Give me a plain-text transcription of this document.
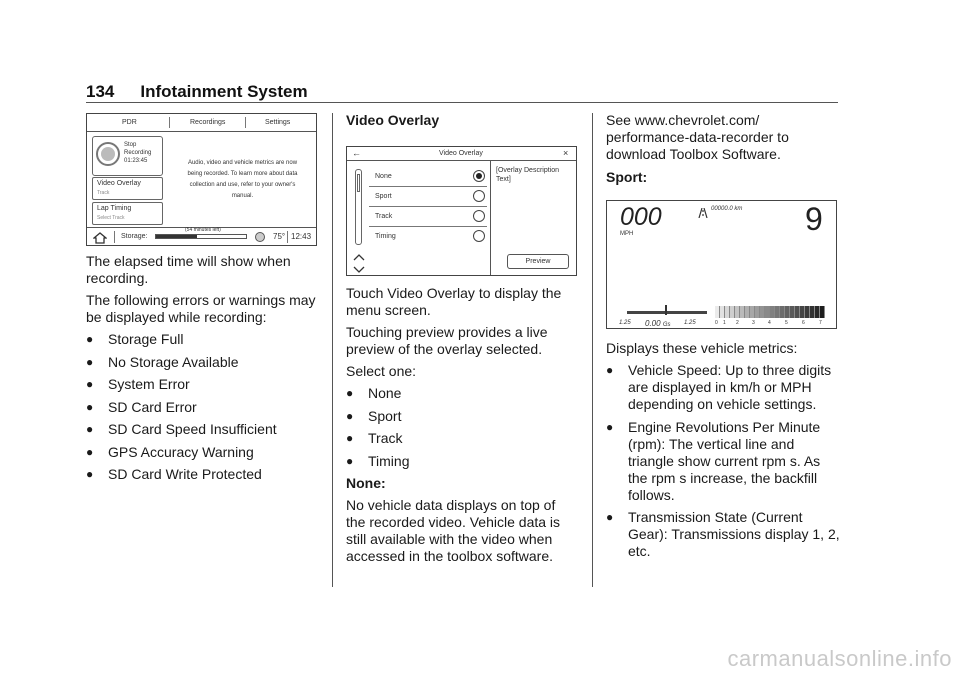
134 Infotainment System
PDR	Recordings	Settings
Stop
Recording
01:23:45	Audio, video and vehicle metrics are now
being recorded. To learn more about data
collection and use, refer to your owner's
manual.
Video Overlay
Track
Lap Timing
Select Track
Storage:
(54 minutes left)
75° 12:43

The elapsed time will show when recording.

The following errors or warnings may be displayed while recording:

● Storage Full
● No Storage Available
● System Error
● SD Card Error
● SD Card Speed Insufficient
● GPS Accuracy Warning
● SD Card Write Protected
Video Overlay
←	Video Overlay	×
None
Sport
Track
Timing
[Overlay Description
Text]
Preview

Touch Video Overlay to display the menu screen.

Touching preview provides a live preview of the overlay selected.

Select one:

● None
● Sport
● Track
● Timing

None:

No vehicle data displays on top of the recorded video. Vehicle data is still available with the video when accessed in the toolbox software.

See www.chevrolet.com/ performance-data-recorder to download Toolbox Software.

Sport:

000
MPH
00000.0 km 9
1.25 0.00 Gs 1.25	0 1 2	3	4	5	6	7

Displays these vehicle metrics:

● Vehicle Speed: Up to three digits are displayed in km/h or MPH depending on vehicle settings.
● Engine Revolutions Per Minute (rpm): The vertical line and triangle show current rpm s. As the rpm s increase, the backfill follows.
● Transmission State (Current Gear): Transmissions display 1, 2, etc.
carmanualsonline.info
